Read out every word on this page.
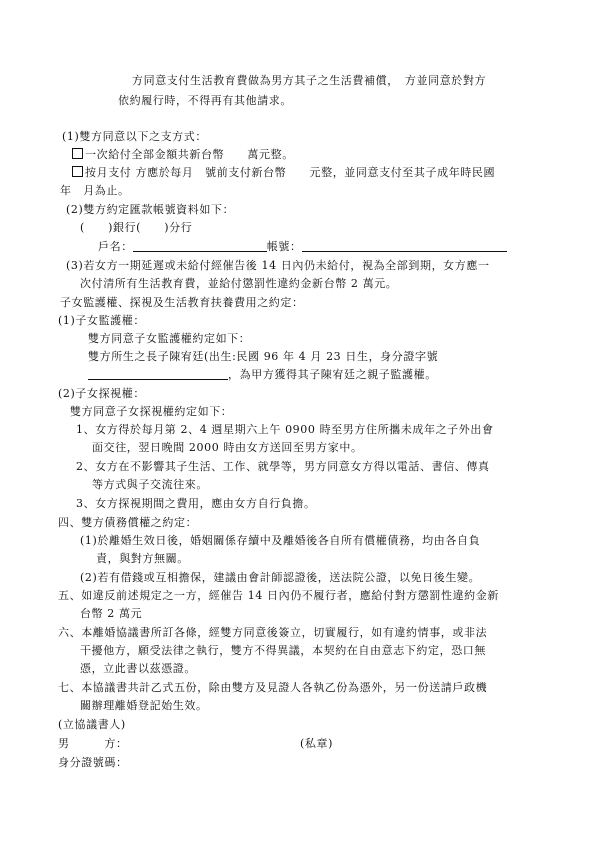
方同意支付生活教育費做為男方其子之生活費補償，　方並同意於對方
依約履行時，不得再有其他請求。
(1)雙方同意以下之支方式：
一次給付全部金額共新台幣　　萬元整。
按月支付 方應於每月　號前支付新台幣　　元整，並同意支付至其子成年時民國
年　月為止。
(2)雙方約定匯款帳號資料如下：
(　　)銀行(　　)分行
戶名：	帳號：
(3)若女方一期延遲或未給付經催告後 14 日內仍未給付，視為全部到期，女方應一
次付清所有生活教育費，並給付懲罰性違約金新台幣 2 萬元。
子女監護權、探視及生活教育扶養費用之約定：
(1)子女監護權：
雙方同意子女監護權約定如下：
雙方所生之長子陳宥廷(出生:民國 96 年 4 月 23 日生，身分證字號
，為甲方獲得其子陳宥廷之親子監護權。
(2)子女探視權：
雙方同意子女探視權約定如下：
1、女方得於每月第 2、4 週星期六上午 0900 時至男方住所攜未成年之子外出會
面交往，翌日晚間 2000 時由女方送回至男方家中。
2、女方在不影響其子生活、工作、就學等，男方同意女方得以電話、書信、傳真
等方式與子交流往來。
3、女方探視期間之費用，應由女方自行負擔。
四、雙方債務償權之約定：
(1)於離婚生效日後，婚姻關係存續中及離婚後各自所有償權債務，均由各自負
責，與對方無關。
(2)若有借錢或互相擔保，建議由會計師認證後，送法院公證，以免日後生變。
五、如違反前述規定之一方，經催告 14 日內仍不履行者，應給付對方懲罰性違約金新
台幣 2 萬元
六、本離婚協議書所訂各條，經雙方同意後簽立，切實履行，如有違約情事，或非法
干擾他方，願受法律之執行，雙方不得異議，本契約在自由意志下約定，恐口無
憑，立此書以茲憑證。
七、本協議書共計乙式五份，除由雙方及見證人各執乙份為憑外，另一份送請戶政機
關辦理離婚登記始生效。
(立協議書人)
男　　　方：	(私章)
身分證號碼：
